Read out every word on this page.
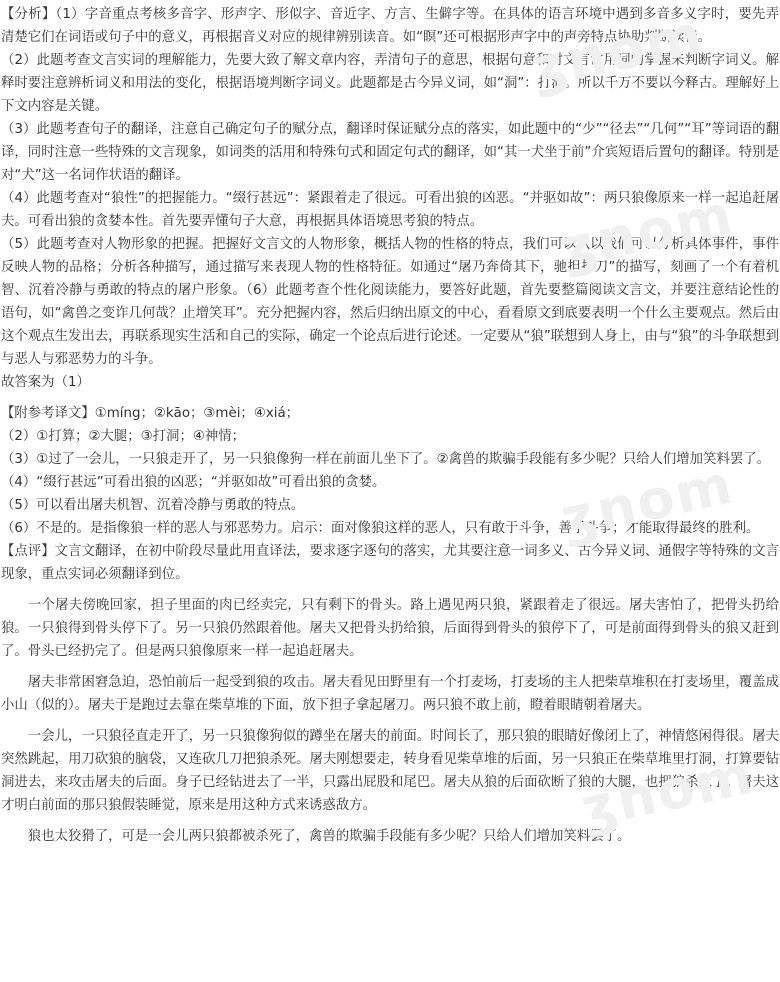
ʒnom
ʒnom
ʒnom
ʒnom

【分析】（1）字音重点考核多音字、形声字、形似字、音近字、方言、生僻字等。在具体的语言环境中遇到多音多义字时，要先弄清楚它们在词语或句子中的意义，再根据音义对应的规律辨别读音。如“瞑”还可根据形声字中的声旁特点协助判断读音。

（2）此题考查文言实词的理解能力，先要大致了解文章内容，弄清句子的意思，根据句意和对文言常用词的掌握来判断字词义。解释时要注意辨析词义和用法的变化，根据语境判断字词义。此题都是古今异义词，如“洞”：打洞。所以千万不要以今释古。理解好上下文内容是关键。

（3）此题考查句子的翻译，注意自己确定句子的赋分点，翻译时保证赋分点的落实，如此题中的“少”“径去”“几何”“耳”等词语的翻译，同时注意一些特殊的文言现象，如词类的活用和特殊句式和固定句式的翻译，如“其一犬坐于前”介宾短语后置句的翻译。特别是对“犬”这一名词作状语的翻译。

（4）此题考查对“狼性”的把握能力。“缀行甚远”：紧跟着走了很远。可看出狼的凶恶。“并驱如故”：两只狼像原来一样一起追赶屠夫。可看出狼的贪婪本性。首先要弄懂句子大意，再根据具体语境思考狼的特点。

（5）此题考查对人物形象的把握。把握好文言文的人物形象，概括人物的性格的特点，我们可以从以我们可以分析具体事件，事件反映人物的品格；分析各种描写，通过描写来表现人物的性格特征。如通过“屠乃奔倚其下，驰担持刀”的描写，刻画了一个有着机智、沉着冷静与勇敢的特点的屠户形象。（6）此题考查个性化阅读能力，要答好此题，首先要整篇阅读文言文，并要注意结论性的语句，如“禽兽之变诈几何哉？止增笑耳”。充分把握内容，然后归纳出原文的中心，看看原文到底要表明一个什么主要观点。然后由这个观点生发出去，再联系现实生活和自己的实际，确定一个论点后进行论述。一定要从“狼”联想到人身上，由与“狼”的斗争联想到与恶人与邪恶势力的斗争。

故答案为（1）

【附参考译文】①míng；②kāo；③mèi；④xiá；

（2）①打算；②大腿；③打洞；④神情；

（3）①过了一会儿，一只狼走开了，另一只狼像狗一样在前面儿坐下了。②禽兽的欺骗手段能有多少呢？只给人们增加笑料罢了。

（4）“缀行甚远”可看出狼的凶恶；“并驱如故”可看出狼的贪婪。

（5）可以看出屠夫机智、沉着冷静与勇敢的特点。

（6）不是的。是指像狼一样的恶人与邪恶势力。启示：面对像狼这样的恶人，只有敢于斗争，善于斗争；才能取得最终的胜利。

【点评】文言文翻译，在初中阶段尽量此用直译法，要求逐字逐句的落实，尤其要注意一词多义、古今异义词、通假字等特殊的文言现象，重点实词必须翻译到位。

一个屠夫傍晚回家，担子里面的肉已经卖完，只有剩下的骨头。路上遇见两只狼，紧跟着走了很远。屠夫害怕了，把骨头扔给狼。一只狼得到骨头停下了。另一只狼仍然跟着他。屠夫又把骨头扔给狼，后面得到骨头的狼停下了，可是前面得到骨头的狼又赶到了。骨头已经扔完了。但是两只狼像原来一样一起追赶屠夫。

屠夫非常困窘急迫，恐怕前后一起受到狼的攻击。屠夫看见田野里有一个打麦场，打麦场的主人把柴草堆积在打麦场里，覆盖成小山（似的）。屠夫于是跑过去靠在柴草堆的下面，放下担子拿起屠刀。两只狼不敢上前，瞪着眼睛朝着屠夫。

一会儿，一只狼径直走开了，另一只狼像狗似的蹲坐在屠夫的前面。时间长了，那只狼的眼睛好像闭上了，神情悠闲得很。屠夫突然跳起，用刀砍狼的脑袋，又连砍几刀把狼杀死。屠夫刚想要走，转身看见柴草堆的后面，另一只狼正在柴草堆里打洞，打算要钻洞进去，来攻击屠夫的后面。身子已经钻进去了一半，只露出屁股和尾巴。屠夫从狼的后面砍断了狼的大腿，也把狼杀死了。屠夫这才明白前面的那只狼假装睡觉，原来是用这种方式来诱惑敌方。

狼也太狡猾了，可是一会儿两只狼都被杀死了，禽兽的欺骗手段能有多少呢？只给人们增加笑料罢了。
